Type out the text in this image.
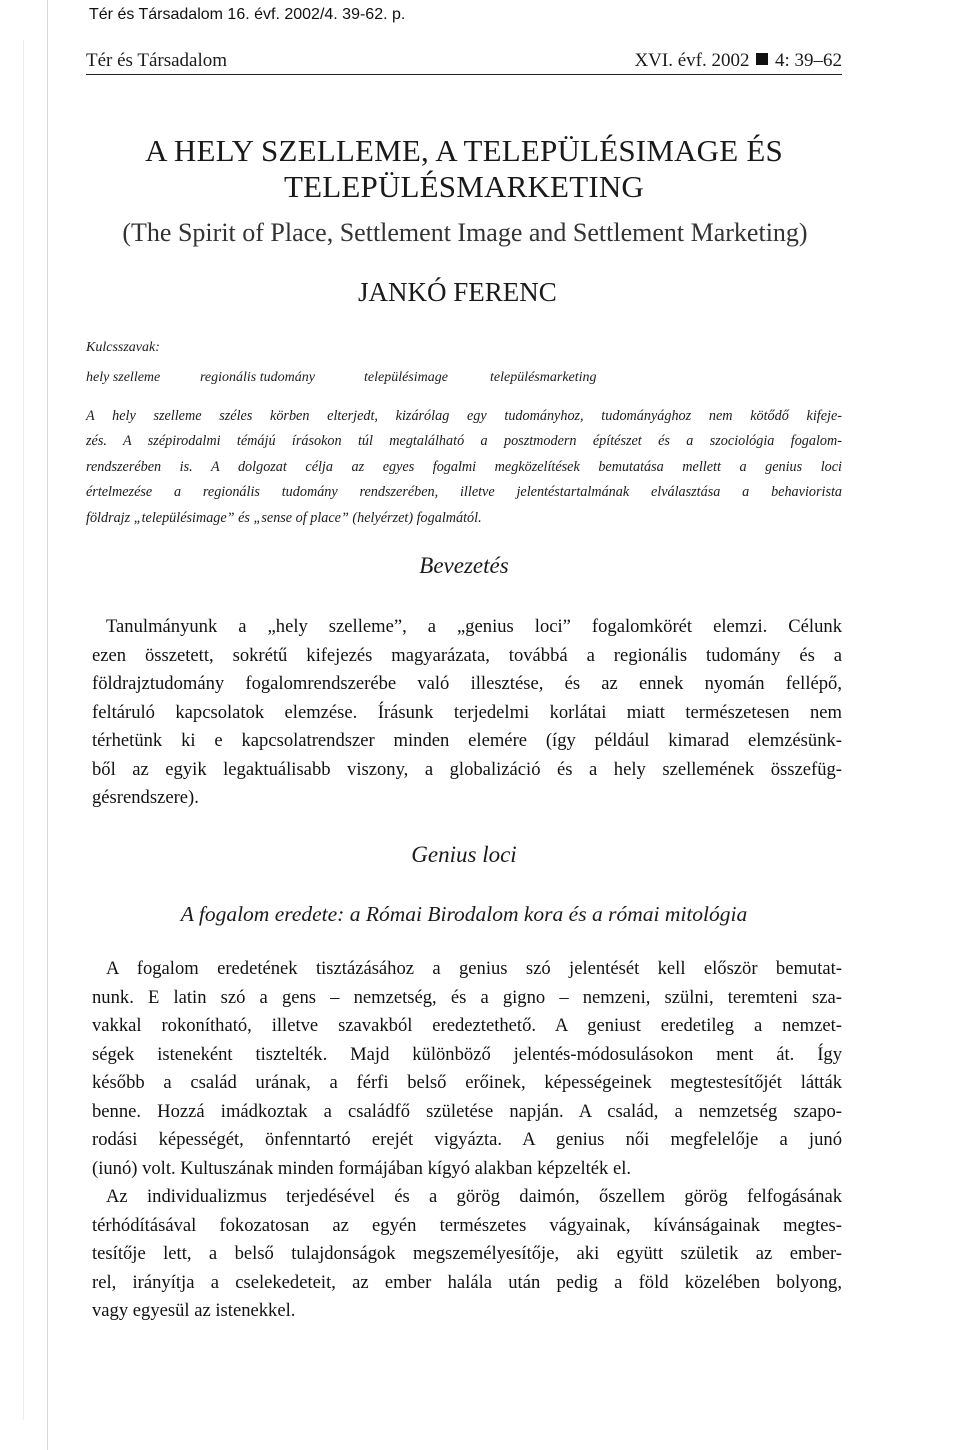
Tér és Társadalom 16. évf. 2002/4. 39-62. p.
Tér és Társadalom	XVI. évf. 2002 4: 39–62
A HELY SZELLEME, A TELEPÜLÉSIMAGE ÉS
TELEPÜLÉSMARKETING
(The Spirit of Place, Settlement Image and Settlement Marketing)
JANKÓ FERENC
Kulcsszavak:
hely szelleme	regionális tudomány	településimage	településmarketing
A hely szelleme széles körben elterjedt, kizárólag egy tudományhoz, tudományághoz nem kötődő kifeje-
zés. A szépirodalmi témájú írásokon túl megtalálható a posztmodern építészet és a szociológia fogalom-
rendszerében is. A dolgozat célja az egyes fogalmi megközelítések bemutatása mellett a genius loci
értelmezése a regionális tudomány rendszerében, illetve jelentéstartalmának elválasztása a behaviorista
földrajz „településimage” és „sense of place” (helyérzet) fogalmától.
Bevezetés
Tanulmányunk a „hely szelleme”, a „genius loci” fogalomkörét elemzi. Célunk
ezen összetett, sokrétű kifejezés magyarázata, továbbá a regionális tudomány és a
földrajztudomány fogalomrendszerébe való illesztése, és az ennek nyomán fellépő,
feltáruló kapcsolatok elemzése. Írásunk terjedelmi korlátai miatt természetesen nem
térhetünk ki e kapcsolatrendszer minden elemére (így például kimarad elemzésünk-
ből az egyik legaktuálisabb viszony, a globalizáció és a hely szellemének összefüg-
gésrendszere).
Genius loci
A fogalom eredete: a Római Birodalom kora és a római mitológia
A fogalom eredetének tisztázásához a genius szó jelentését kell először bemutat-
nunk. E latin szó a gens – nemzetség, és a gigno – nemzeni, szülni, teremteni sza-
vakkal rokonítható, illetve szavakból eredeztethető. A geniust eredetileg a nemzet-
ségek isteneként tisztelték. Majd különböző jelentés-módosulásokon ment át. Így
később a család urának, a férfi belső erőinek, képességeinek megtestesítőjét látták
benne. Hozzá imádkoztak a családfő születése napján. A család, a nemzetség szapo-
rodási képességét, önfenntartó erejét vigyázta. A genius női megfelelője a junó
(iunó) volt. Kultuszának minden formájában kígyó alakban képzelték el.
Az individualizmus terjedésével és a görög daimón, őszellem görög felfogásának
térhódításával fokozatosan az egyén természetes vágyainak, kívánságainak megtes-
tesítője lett, a belső tulajdonságok megszemélyesítője, aki együtt születik az ember-
rel, irányítja a cselekedeteit, az ember halála után pedig a föld közelében bolyong,
vagy egyesül az istenekkel.
